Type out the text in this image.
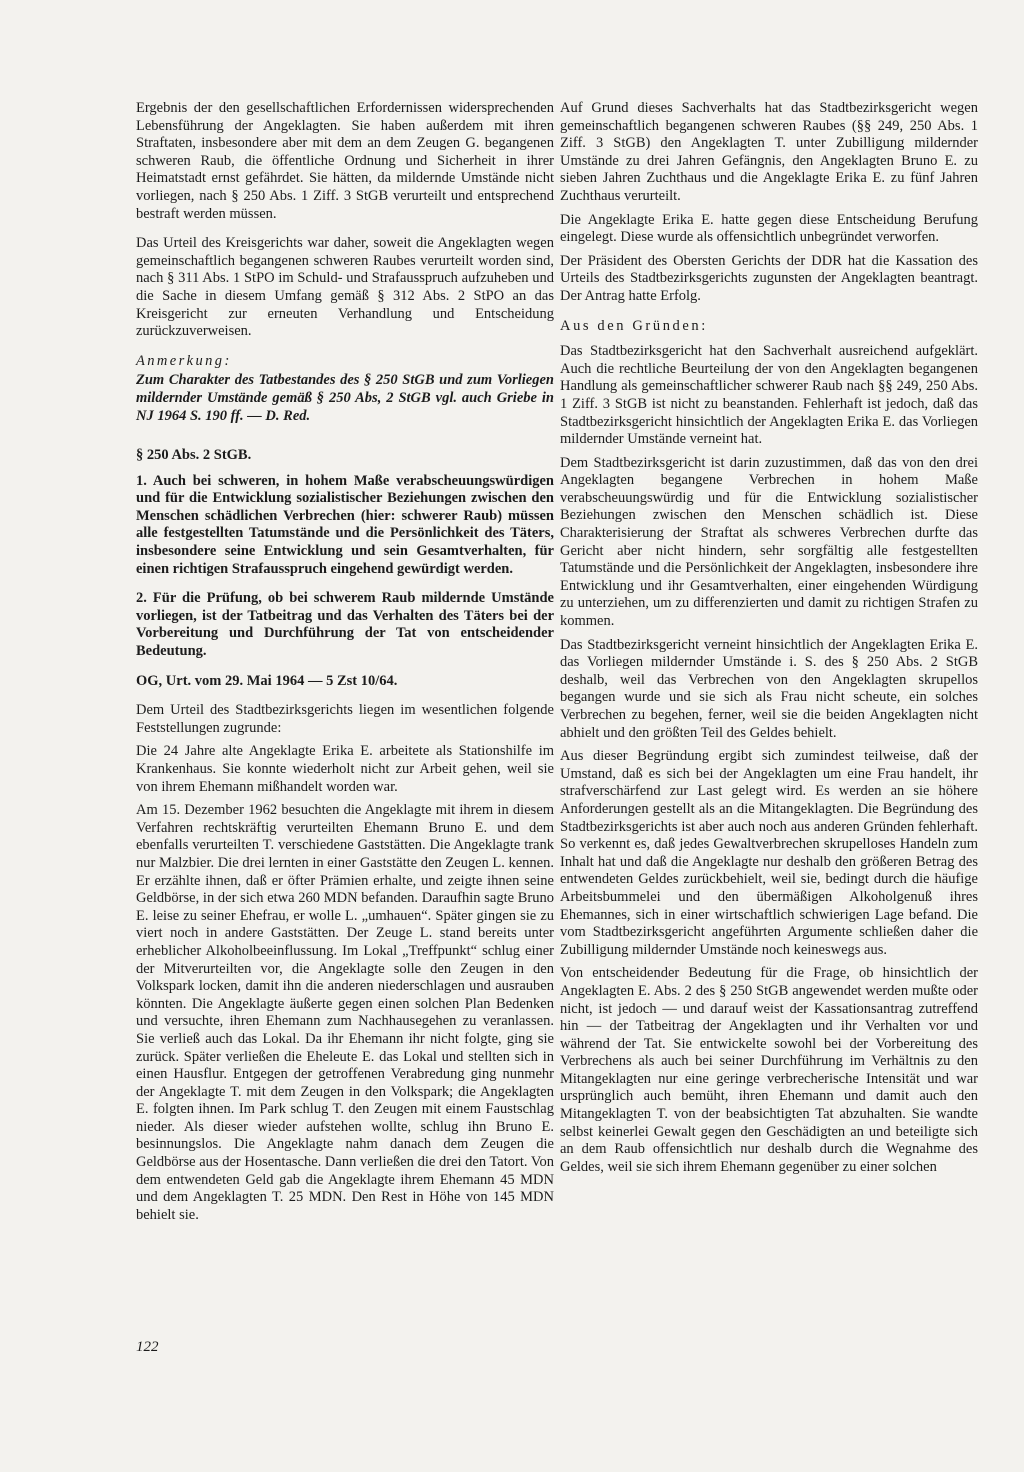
Ergebnis der den gesellschaftlichen Erfordernissen widersprechenden Lebensführung der Angeklagten. Sie haben außerdem mit ihren Straftaten, insbesondere aber mit dem an dem Zeugen G. begangenen schweren Raub, die öffentliche Ordnung und Sicherheit in ihrer Heimatstadt ernst gefährdet. Sie hätten, da mildernde Umstände nicht vorliegen, nach § 250 Abs. 1 Ziff. 3 StGB verurteilt und entsprechend bestraft werden müssen.

Das Urteil des Kreisgerichts war daher, soweit die Angeklagten wegen gemeinschaftlich begangenen schweren Raubes verurteilt worden sind, nach § 311 Abs. 1 StPO im Schuld- und Strafausspruch aufzuheben und die Sache in diesem Umfang gemäß § 312 Abs. 2 StPO an das Kreisgericht zur erneuten Verhandlung und Entscheidung zurückzuverweisen.

Anmerkung:

Zum Charakter des Tatbestandes des § 250 StGB und zum Vorliegen mildernder Umstände gemäß § 250 Abs, 2 StGB vgl. auch Griebe in NJ 1964 S. 190 ff. — D. Red.

§ 250 Abs. 2 StGB.

1. Auch bei schweren, in hohem Maße verabscheuungswürdigen und für die Entwicklung sozialistischer Beziehungen zwischen den Menschen schädlichen Verbrechen (hier: schwerer Raub) müssen alle festgestellten Tatumstände und die Persönlichkeit des Täters, insbesondere seine Entwicklung und sein Gesamtverhalten, für einen richtigen Strafausspruch eingehend gewürdigt werden.

2. Für die Prüfung, ob bei schwerem Raub mildernde Umstände vorliegen, ist der Tatbeitrag und das Verhalten des Täters bei der Vorbereitung und Durchführung der Tat von entscheidender Bedeutung.

OG, Urt. vom 29. Mai 1964 — 5 Zst 10/64.

Dem Urteil des Stadtbezirksgerichts liegen im wesentlichen folgende Feststellungen zugrunde:

Die 24 Jahre alte Angeklagte Erika E. arbeitete als Stationshilfe im Krankenhaus. Sie konnte wiederholt nicht zur Arbeit gehen, weil sie von ihrem Ehemann mißhandelt worden war.

Am 15. Dezember 1962 besuchten die Angeklagte mit ihrem in diesem Verfahren rechtskräftig verurteilten Ehemann Bruno E. und dem ebenfalls verurteilten T. verschiedene Gaststätten. Die Angeklagte trank nur Malzbier. Die drei lernten in einer Gaststätte den Zeugen L. kennen. Er erzählte ihnen, daß er öfter Prämien erhalte, und zeigte ihnen seine Geldbörse, in der sich etwa 260 MDN befanden. Daraufhin sagte Bruno E. leise zu seiner Ehefrau, er wolle L. „umhauen“. Später gingen sie zu viert noch in andere Gaststätten. Der Zeuge L. stand bereits unter erheblicher Alkoholbeeinflussung. Im Lokal „Treffpunkt“ schlug einer der Mitverurteilten vor, die Angeklagte solle den Zeugen in den Volkspark locken, damit ihn die anderen niederschlagen und ausrauben könnten. Die Angeklagte äußerte gegen einen solchen Plan Bedenken und versuchte, ihren Ehemann zum Nachhausegehen zu veranlassen. Sie verließ auch das Lokal. Da ihr Ehemann ihr nicht folgte, ging sie zurück. Später verließen die Eheleute E. das Lokal und stellten sich in einen Hausflur. Entgegen der getroffenen Verabredung ging nunmehr der Angeklagte T. mit dem Zeugen in den Volkspark; die Angeklagten E. folgten ihnen. Im Park schlug T. den Zeugen mit einem Faustschlag nieder. Als dieser wieder aufstehen wollte, schlug ihn Bruno E. besinnungslos. Die Angeklagte nahm danach dem Zeugen die Geldbörse aus der Hosentasche. Dann verließen die drei den Tatort. Von dem entwendeten Geld gab die Angeklagte ihrem Ehemann 45 MDN und dem Angeklagten T. 25 MDN. Den Rest in Höhe von 145 MDN behielt sie.

Auf Grund dieses Sachverhalts hat das Stadtbezirksgericht wegen gemeinschaftlich begangenen schweren Raubes (§§ 249, 250 Abs. 1 Ziff. 3 StGB) den Angeklagten T. unter Zubilligung mildernder Umstände zu drei Jahren Gefängnis, den Angeklagten Bruno E. zu sieben Jahren Zuchthaus und die Angeklagte Erika E. zu fünf Jahren Zuchthaus verurteilt.

Die Angeklagte Erika E. hatte gegen diese Entscheidung Berufung eingelegt. Diese wurde als offensichtlich unbegründet verworfen.

Der Präsident des Obersten Gerichts der DDR hat die Kassation des Urteils des Stadtbezirksgerichts zugunsten der Angeklagten beantragt. Der Antrag hatte Erfolg.

Aus den Gründen:

Das Stadtbezirksgericht hat den Sachverhalt ausreichend aufgeklärt. Auch die rechtliche Beurteilung der von den Angeklagten begangenen Handlung als gemeinschaftlicher schwerer Raub nach §§ 249, 250 Abs. 1 Ziff. 3 StGB ist nicht zu beanstanden. Fehlerhaft ist jedoch, daß das Stadtbezirksgericht hinsichtlich der Angeklagten Erika E. das Vorliegen mildernder Umstände verneint hat.

Dem Stadtbezirksgericht ist darin zuzustimmen, daß das von den drei Angeklagten begangene Verbrechen in hohem Maße verabscheuungswürdig und für die Entwicklung sozialistischer Beziehungen zwischen den Menschen schädlich ist. Diese Charakterisierung der Straftat als schweres Verbrechen durfte das Gericht aber nicht hindern, sehr sorgfältig alle festgestellten Tatumstände und die Persönlichkeit der Angeklagten, insbesondere ihre Entwicklung und ihr Gesamtverhalten, einer eingehenden Würdigung zu unterziehen, um zu differenzierten und damit zu richtigen Strafen zu kommen.

Das Stadtbezirksgericht verneint hinsichtlich der Angeklagten Erika E. das Vorliegen mildernder Umstände i. S. des § 250 Abs. 2 StGB deshalb, weil das Verbrechen von den Angeklagten skrupellos begangen wurde und sie sich als Frau nicht scheute, ein solches Verbrechen zu begehen, ferner, weil sie die beiden Angeklagten nicht abhielt und den größten Teil des Geldes behielt.

Aus dieser Begründung ergibt sich zumindest teilweise, daß der Umstand, daß es sich bei der Angeklagten um eine Frau handelt, ihr strafverschärfend zur Last gelegt wird. Es werden an sie höhere Anforderungen gestellt als an die Mitangeklagten. Die Begründung des Stadtbezirksgerichts ist aber auch noch aus anderen Gründen fehlerhaft. So verkennt es, daß jedes Gewaltverbrechen skrupelloses Handeln zum Inhalt hat und daß die Angeklagte nur deshalb den größeren Betrag des entwendeten Geldes zurückbehielt, weil sie, bedingt durch die häufige Arbeitsbummelei und den übermäßigen Alkoholgenuß ihres Ehemannes, sich in einer wirtschaftlich schwierigen Lage befand. Die vom Stadtbezirksgericht angeführten Argumente schließen daher die Zubilligung mildernder Umstände noch keineswegs aus.

Von entscheidender Bedeutung für die Frage, ob hinsichtlich der Angeklagten E. Abs. 2 des § 250 StGB angewendet werden mußte oder nicht, ist jedoch — und darauf weist der Kassationsantrag zutreffend hin — der Tatbeitrag der Angeklagten und ihr Verhalten vor und während der Tat. Sie entwickelte sowohl bei der Vorbereitung des Verbrechens als auch bei seiner Durchführung im Verhältnis zu den Mitangeklagten nur eine geringe verbrecherische Intensität und war ursprünglich auch bemüht, ihren Ehemann und damit auch den Mitangeklagten T. von der beabsichtigten Tat abzuhalten. Sie wandte selbst keinerlei Gewalt gegen den Geschädigten an und beteiligte sich an dem Raub offensichtlich nur deshalb durch die Wegnahme des Geldes, weil sie sich ihrem Ehemann gegenüber zu einer solchen

122
